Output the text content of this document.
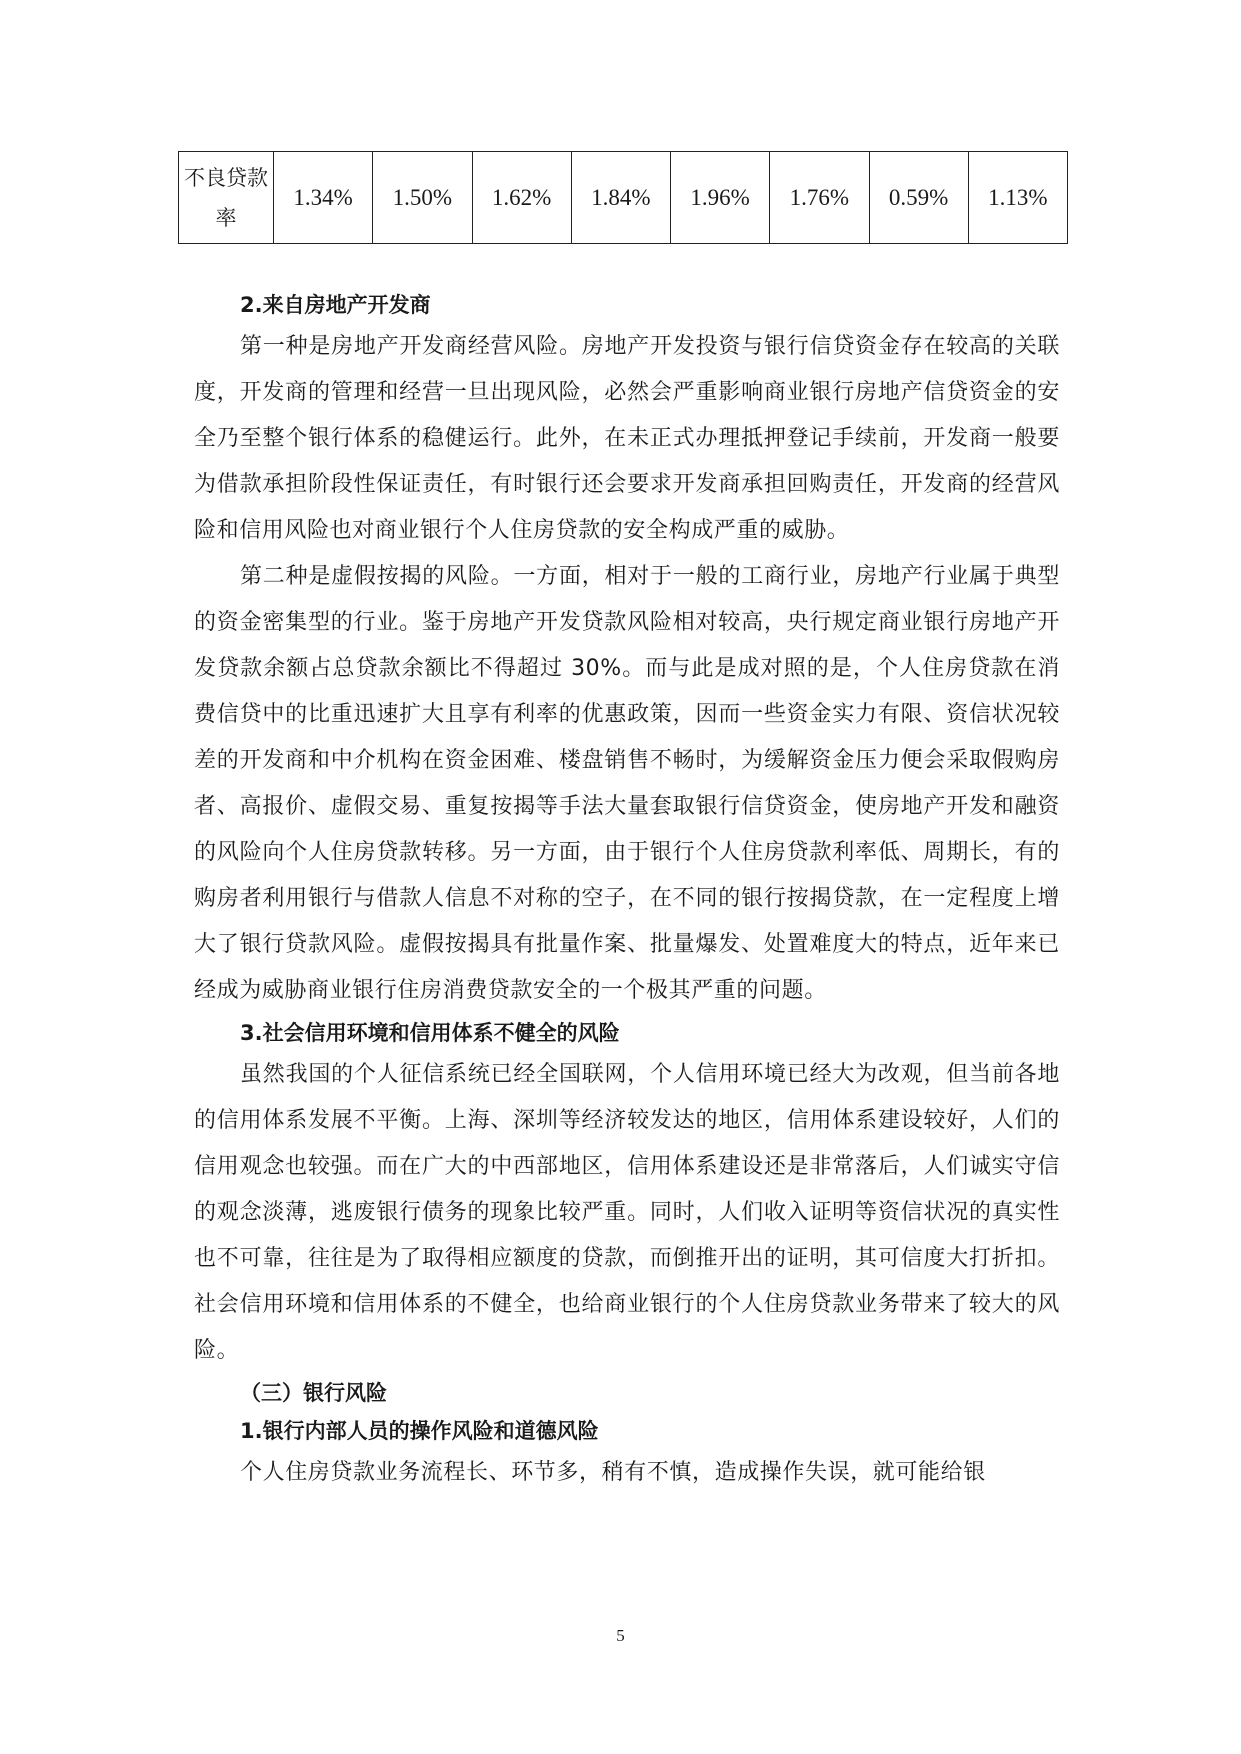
不良贷款率	1.34%	1.50%	1.62%	1.84%	1.96%	1.76%	0.59%	1.13%
2.来自房地产开发商

第一种是房地产开发商经营风险。房地产开发投资与银行信贷资金存在较高的关联度，开发商的管理和经营一旦出现风险，必然会严重影响商业银行房地产信贷资金的安全乃至整个银行体系的稳健运行。此外，在未正式办理抵押登记手续前，开发商一般要为借款承担阶段性保证责任，有时银行还会要求开发商承担回购责任，开发商的经营风险和信用风险也对商业银行个人住房贷款的安全构成严重的威胁。

第二种是虚假按揭的风险。一方面，相对于一般的工商行业，房地产行业属于典型的资金密集型的行业。鉴于房地产开发贷款风险相对较高，央行规定商业银行房地产开发贷款余额占总贷款余额比不得超过 30%。而与此是成对照的是，个人住房贷款在消费信贷中的比重迅速扩大且享有利率的优惠政策，因而一些资金实力有限、资信状况较差的开发商和中介机构在资金困难、楼盘销售不畅时，为缓解资金压力便会采取假购房者、高报价、虚假交易、重复按揭等手法大量套取银行信贷资金，使房地产开发和融资的风险向个人住房贷款转移。另一方面，由于银行个人住房贷款利率低、周期长，有的购房者利用银行与借款人信息不对称的空子，在不同的银行按揭贷款，在一定程度上增大了银行贷款风险。虚假按揭具有批量作案、批量爆发、处置难度大的特点，近年来已经成为威胁商业银行住房消费贷款安全的一个极其严重的问题。

3.社会信用环境和信用体系不健全的风险

虽然我国的个人征信系统已经全国联网，个人信用环境已经大为改观，但当前各地的信用体系发展不平衡。上海、深圳等经济较发达的地区，信用体系建设较好，人们的信用观念也较强。而在广大的中西部地区，信用体系建设还是非常落后，人们诚实守信的观念淡薄，逃废银行债务的现象比较严重。同时，人们收入证明等资信状况的真实性也不可靠，往往是为了取得相应额度的贷款，而倒推开出的证明，其可信度大打折扣。社会信用环境和信用体系的不健全，也给商业银行的个人住房贷款业务带来了较大的风险。

（三）银行风险
1.银行内部人员的操作风险和道德风险

个人住房贷款业务流程长、环节多，稍有不慎，造成操作失误，就可能给银

5
